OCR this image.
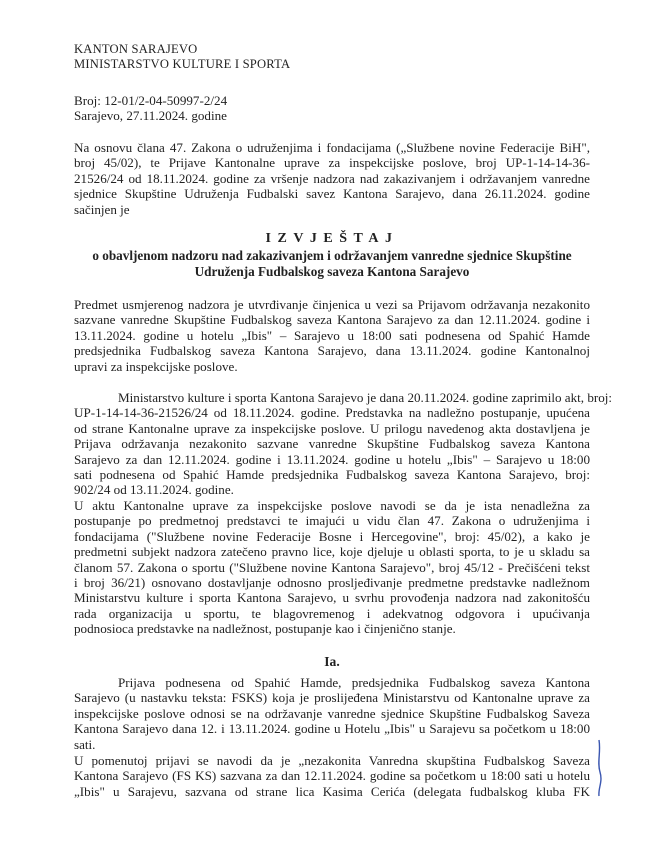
KANTON SARAJEVO
MINISTARSTVO KULTURE I SPORTA
Broj: 12-01/2-04-50997-2/24
Sarajevo, 27.11.2024. godine
Na osnovu člana 47. Zakona o udruženjima i fondacijama („Službene novine Federacije BiH",
broj 45/02), te Prijave Kantonalne uprave za inspekcijske poslove, broj UP-1-14-14-36-
21526/24 od 18.11.2024. godine za vršenje nadzora nad zakazivanjem i održavanjem vanredne
sjednice Skupštine Udruženja Fudbalski savez Kantona Sarajevo, dana 26.11.2024. godine
sačinjen je
IZVJEŠTAJ
o obavljenom nadzoru nad zakazivanjem i održavanjem vanredne sjednice Skupštine
Udruženja Fudbalskog saveza Kantona Sarajevo
Predmet usmjerenog nadzora je utvrđivanje činjenica u vezi sa Prijavom održavanja nezakonito
sazvane vanredne Skupštine Fudbalskog saveza Kantona Sarajevo za dan 12.11.2024. godine i
13.11.2024. godine u hotelu „Ibis" – Sarajevo u 18:00 sati podnesena od Spahić Hamde
predsjednika Fudbalskog saveza Kantona Sarajevo, dana 13.11.2024. godine Kantonalnoj
upravi za inspekcijske poslove.
Ministarstvo kulture i sporta Kantona Sarajevo je dana 20.11.2024. godine zaprimilo akt, broj:
UP-1-14-14-36-21526/24 od 18.11.2024. godine. Predstavka na nadležno postupanje, upućena
od strane Kantonalne uprave za inspekcijske poslove. U prilogu navedenog akta dostavljena je
Prijava održavanja nezakonito sazvane vanredne Skupštine Fudbalskog saveza Kantona
Sarajevo za dan 12.11.2024. godine i 13.11.2024. godine u hotelu „Ibis" – Sarajevo u 18:00
sati podnesena od Spahić Hamde predsjednika Fudbalskog saveza Kantona Sarajevo, broj:
902/24 od 13.11.2024. godine.
U aktu Kantonalne uprave za inspekcijske poslove navodi se da je ista nenadležna za
postupanje po predmetnoj predstavci te imajući u vidu član 47. Zakona o udruženjima i
fondacijama ("Službene novine Federacije Bosne i Hercegovine", broj: 45/02), a kako je
predmetni subjekt nadzora zatečeno pravno lice, koje djeluje u oblasti sporta, to je u skladu sa
članom 57. Zakona o sportu ("Službene novine Kantona Sarajevo", broj 45/12 - Prečišćeni tekst
i broj 36/21) osnovano dostavljanje odnosno prosljeđivanje predmetne predstavke nadležnom
Ministarstvu kulture i sporta Kantona Sarajevo, u svrhu provođenja nadzora nad zakonitošću
rada organizacija u sportu, te blagovremenog i adekvatnog odgovora i upućivanja
podnosioca predstavke na nadležnost, postupanje kao i činjenično stanje.
Ia.
Prijava podnesena od Spahić Hamde, predsjednika Fudbalskog saveza Kantona
Sarajevo (u nastavku teksta: FSKS) koja je proslijeđena Ministarstvu od Kantonalne uprave za
inspekcijske poslove odnosi se na održavanje vanredne sjednice Skupštine Fudbalskog Saveza
Kantona Sarajevo dana 12. i 13.11.2024. godine u Hotelu „Ibis" u Sarajevu sa početkom u 18:00
sati.
U pomenutoj prijavi se navodi da je „nezakonita Vanredna skupština Fudbalskog Saveza
Kantona Sarajevo (FS KS) sazvana za dan 12.11.2024. godine sa početkom u 18:00 sati u hotelu
„Ibis" u Sarajevu, sazvana od strane lica Kasima Cerića (delegata fudbalskog kluba FK
